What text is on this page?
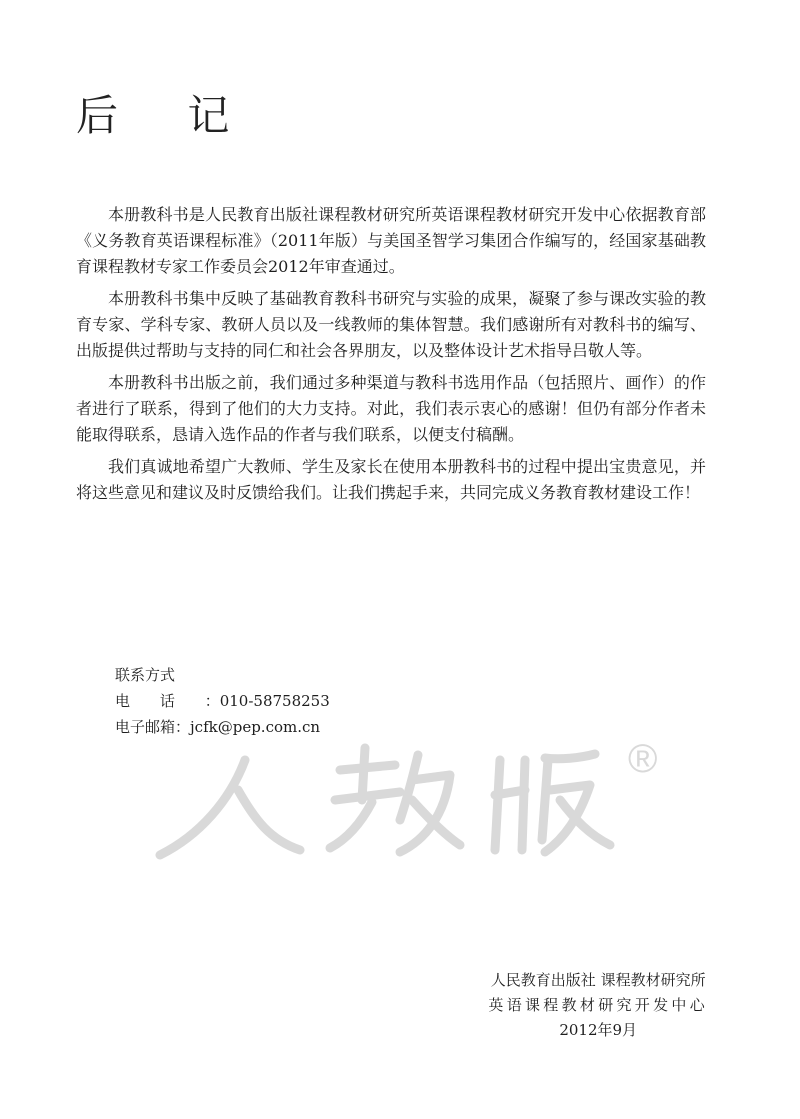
后 记

本册教科书是人民教育出版社课程教材研究所英语课程教材研究开发中心依据教育部《义务教育英语课程标准》（2011年版）与美国圣智学习集团合作编写的，经国家基础教育课程教材专家工作委员会2012年审查通过。

本册教科书集中反映了基础教育教科书研究与实验的成果，凝聚了参与课改实验的教育专家、学科专家、教研人员以及一线教师的集体智慧。我们感谢所有对教科书的编写、出版提供过帮助与支持的同仁和社会各界朋友，以及整体设计艺术指导吕敬人等。

本册教科书出版之前，我们通过多种渠道与教科书选用作品（包括照片、画作）的作者进行了联系，得到了他们的大力支持。对此，我们表示衷心的感谢！但仍有部分作者未能取得联系，恳请入选作品的作者与我们联系，以便支付稿酬。

我们真诚地希望广大教师、学生及家长在使用本册教科书的过程中提出宝贵意见，并将这些意见和建议及时反馈给我们。让我们携起手来，共同完成义务教育教材建设工作！

联系方式
电话 ： 010-58758253
电子邮箱 ： jcfk@pep.com.cn
®
人民教育出版社 课程教材研究所
英语课程教材研究开发中心
2012年9月
